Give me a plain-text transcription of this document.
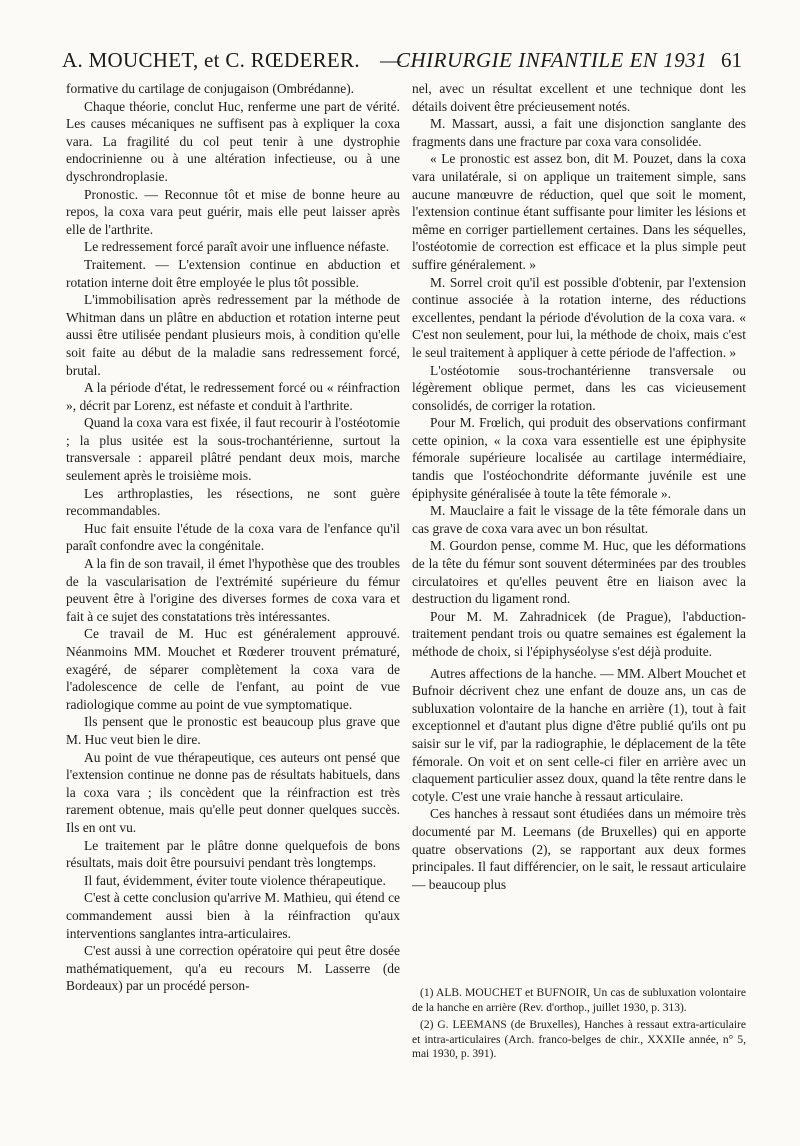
A. MOUCHET, et C. RŒDERER. —
CHIRURGIE INFANTILE EN 1931 61

formative du cartilage de conjugaison (Ombrédanne).

Chaque théorie, conclut Huc, renferme une part de vérité. Les causes mécaniques ne suffisent pas à expliquer la coxa vara. La fragilité du col peut tenir à une dystrophie endocrinienne ou à une altération infectieuse, ou à une dyschrondroplasie.

Pronostic. — Reconnue tôt et mise de bonne heure au repos, la coxa vara peut guérir, mais elle peut laisser après elle de l'arthrite.

Le redressement forcé paraît avoir une influence néfaste.

Traitement. — L'extension continue en abduction et rotation interne doit être employée le plus tôt possible.

L'immobilisation après redressement par la méthode de Whitman dans un plâtre en abduction et rotation interne peut aussi être utilisée pendant plusieurs mois, à condition qu'elle soit faite au début de la maladie sans redressement forcé, brutal.

A la période d'état, le redressement forcé ou « réinfraction », décrit par Lorenz, est néfaste et conduit à l'arthrite.

Quand la coxa vara est fixée, il faut recourir à l'ostéotomie ; la plus usitée est la sous-trochantérienne, surtout la transversale : appareil plâtré pendant deux mois, marche seulement après le troisième mois.

Les arthroplasties, les résections, ne sont guère recommandables.

Huc fait ensuite l'étude de la coxa vara de l'enfance qu'il paraît confondre avec la congénitale.

A la fin de son travail, il émet l'hypothèse que des troubles de la vascularisation de l'extrémité supérieure du fémur peuvent être à l'origine des diverses formes de coxa vara et fait à ce sujet des constatations très intéressantes.

Ce travail de M. Huc est généralement approuvé. Néanmoins MM. Mouchet et Rœderer trouvent prématuré, exagéré, de séparer complètement la coxa vara de l'adolescence de celle de l'enfant, au point de vue radiologique comme au point de vue symptomatique.

Ils pensent que le pronostic est beaucoup plus grave que M. Huc veut bien le dire.

Au point de vue thérapeutique, ces auteurs ont pensé que l'extension continue ne donne pas de résultats habituels, dans la coxa vara ; ils concèdent que la réinfraction est très rarement obtenue, mais qu'elle peut donner quelques succès. Ils en ont vu.

Le traitement par le plâtre donne quelquefois de bons résultats, mais doit être poursuivi pendant très longtemps.

Il faut, évidemment, éviter toute violence thérapeutique.

C'est à cette conclusion qu'arrive M. Mathieu, qui étend ce commandement aussi bien à la réinfraction qu'aux interventions sanglantes intra-articulaires.

C'est aussi à une correction opératoire qui peut être dosée mathématiquement, qu'a eu recours M. Lasserre (de Bordeaux) par un procédé person-

nel, avec un résultat excellent et une technique dont les détails doivent être précieusement notés.

M. Massart, aussi, a fait une disjonction sanglante des fragments dans une fracture par coxa vara consolidée.

« Le pronostic est assez bon, dit M. Pouzet, dans la coxa vara unilatérale, si on applique un traitement simple, sans aucune manœuvre de réduction, quel que soit le moment, l'extension continue étant suffisante pour limiter les lésions et même en corriger partiellement certaines. Dans les séquelles, l'ostéotomie de correction est efficace et la plus simple peut suffire généralement. »

M. Sorrel croit qu'il est possible d'obtenir, par l'extension continue associée à la rotation interne, des réductions excellentes, pendant la période d'évolution de la coxa vara. « C'est non seulement, pour lui, la méthode de choix, mais c'est le seul traitement à appliquer à cette période de l'affection. »

L'ostéotomie sous-trochantérienne transversale ou légèrement oblique permet, dans les cas vicieusement consolidés, de corriger la rotation.

Pour M. Frœlich, qui produit des observations confirmant cette opinion, « la coxa vara essentielle est une épiphysite fémorale supérieure localisée au cartilage intermédiaire, tandis que l'ostéochondrite déformante juvénile est une épiphysite généralisée à toute la tête fémorale ».

M. Mauclaire a fait le vissage de la tête fémorale dans un cas grave de coxa vara avec un bon résultat.

M. Gourdon pense, comme M. Huc, que les déformations de la tête du fémur sont souvent déterminées par des troubles circulatoires et qu'elles peuvent être en liaison avec la destruction du ligament rond.

Pour M. M. Zahradnicek (de Prague), l'abduction-traitement pendant trois ou quatre semaines est également la méthode de choix, si l'épiphyséolyse s'est déjà produite.

Autres affections de la hanche. — MM. Albert Mouchet et Bufnoir décrivent chez une enfant de douze ans, un cas de subluxation volontaire de la hanche en arrière (1), tout à fait exceptionnel et d'autant plus digne d'être publié qu'ils ont pu saisir sur le vif, par la radiographie, le déplacement de la tête fémorale. On voit et on sent celle-ci filer en arrière avec un claquement particulier assez doux, quand la tête rentre dans le cotyle. C'est une vraie hanche à ressaut articulaire.

Ces hanches à ressaut sont étudiées dans un mémoire très documenté par M. Leemans (de Bruxelles) qui en apporte quatre observations (2), se rapportant aux deux formes principales. Il faut différencier, on le sait, le ressaut articulaire — beaucoup plus

(1) ALB. MOUCHET et BUFNOIR, Un cas de subluxation volontaire de la hanche en arrière (Rev. d'orthop., juillet 1930, p. 313).

(2) G. LEEMANS (de Bruxelles), Hanches à ressaut extra-articulaire et intra-articulaires (Arch. franco-belges de chir., XXXIIe année, n° 5, mai 1930, p. 391).
